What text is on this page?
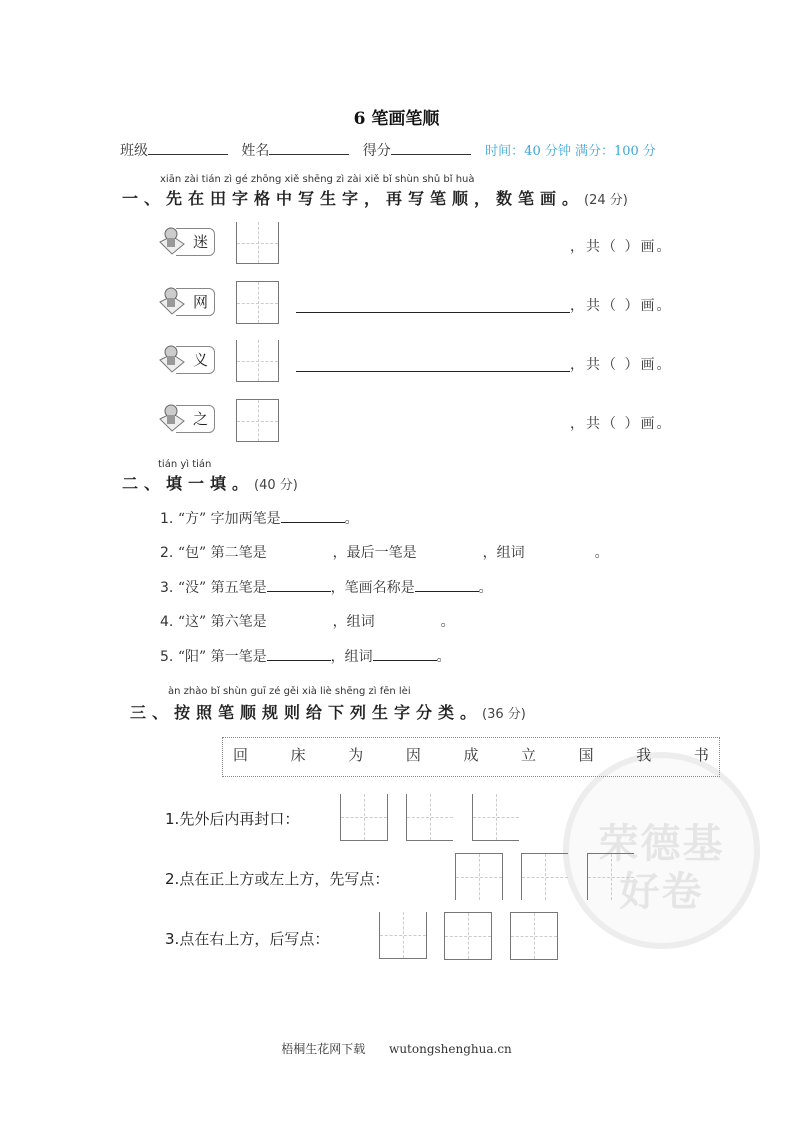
6 笔画笔顺
班级	姓名	得分	时间：40 分钟 满分：100 分
xiān zài tián zì gé zhōng xiě shēng zì zài xiě bǐ shùn shǔ bǐ huà
一、先在田字格中写生字，再写笔顺，数笔画。(24 分)
迷	，共（ ）画。
网	，共（ ）画。
义	，共（ ）画。
之	，共（ ）画。
tián yì tián
二、填一填。(40 分)
1. “方” 字加两笔是	。
2. “包” 第二笔是	，最后一笔是	，组词	。
3. “没” 第五笔是	，笔画名称是	。
4. “这” 第六笔是	，组词	。
5. “阳” 第一笔是	，组词	。
àn zhào bǐ shùn guī zé gěi xià liè shēng zì fēn lèi
三、按照笔顺规则给下列生字分类。(36 分)
荣德基
好卷
回	床	为	因	成	立	国	我	书
1.先外后内再封口：
2.点在正上方或左上方，先写点：
3.点在右上方，后写点：
梧桐生花网下载 wutongshenghua.cn
